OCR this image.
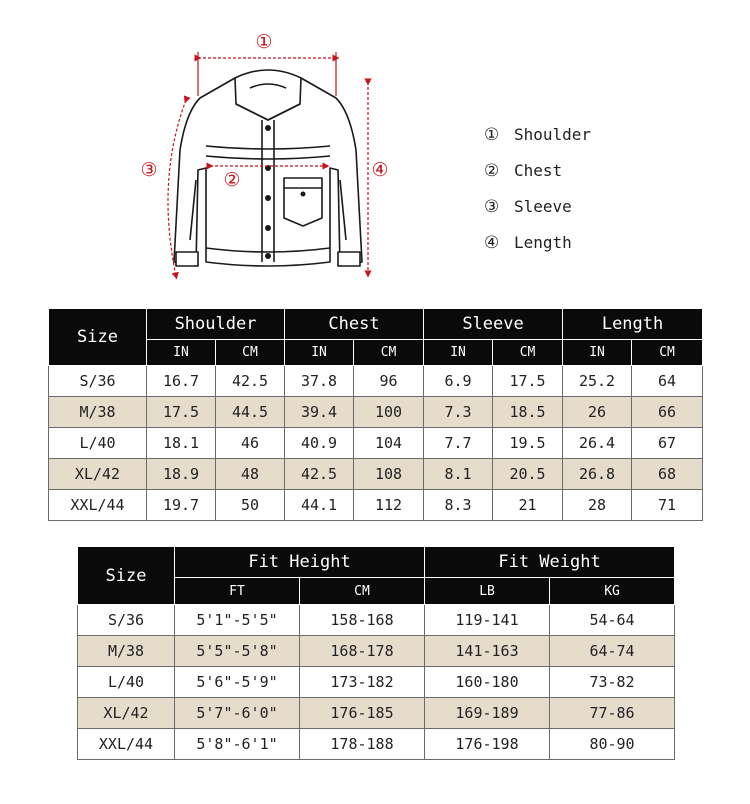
①
②
③	④
① Shoulder
② Chest
③ Sleeve
④ Length
Size	Shoulder		Chest		Sleeve		Length	
	IN	CM	IN	CM	IN	CM	IN	CM
S/36	16.7	42.5	37.8	96	6.9	17.5	25.2	64
M/38	17.5	44.5	39.4	100	7.3	18.5	26	66
L/40	18.1	46	40.9	104	7.7	19.5	26.4	67
XL/42	18.9	48	42.5	108	8.1	20.5	26.8	68
XXL/44	19.7	50	44.1	112	8.3	21	28	71
Size	Fit Height		Fit Weight	
	FT	CM	LB	KG
S/36	5'1"-5'5"	158-168	119-141	54-64
M/38	5'5"-5'8"	168-178	141-163	64-74
L/40	5'6"-5'9"	173-182	160-180	73-82
XL/42	5'7"-6'0"	176-185	169-189	77-86
XXL/44	5'8"-6'1"	178-188	176-198	80-90
